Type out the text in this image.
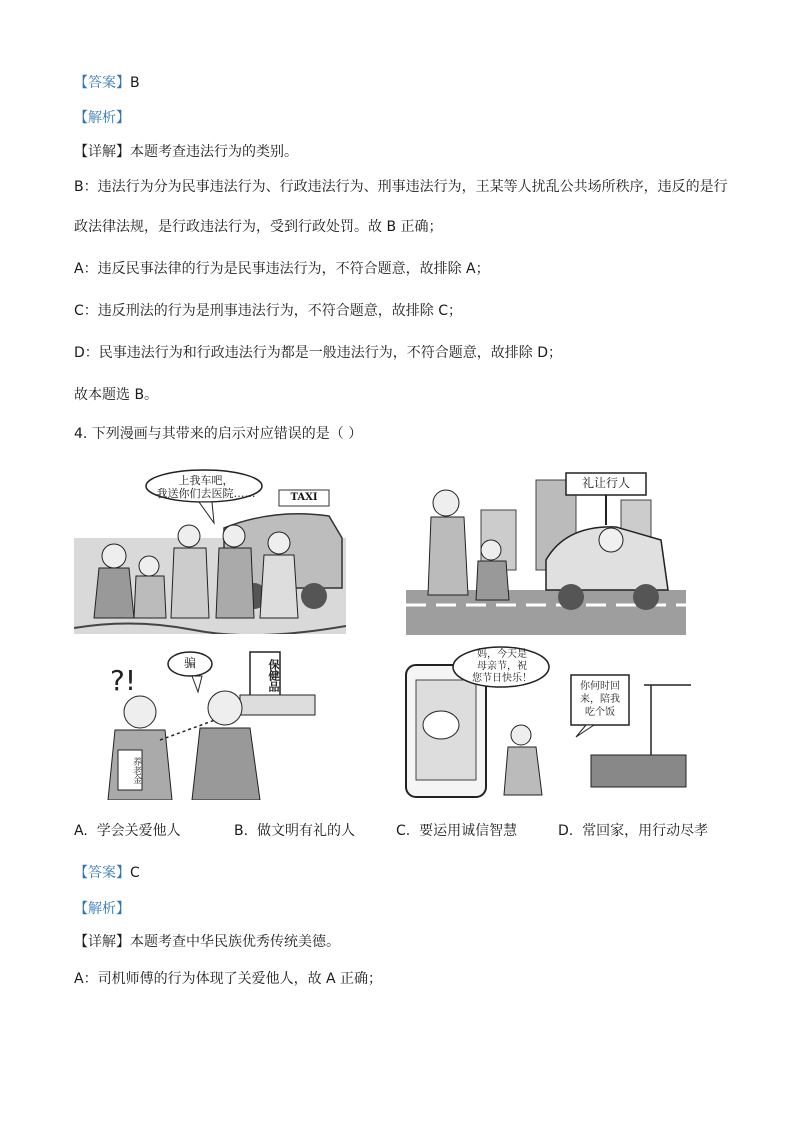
【答案】B
【解析】
【详解】本题考查违法行为的类别。
B：违法行为分为民事违法行为、行政违法行为、刑事违法行为，王某等人扰乱公共场所秩序，违反的是行
政法律法规，是行政违法行为，受到行政处罚。故 B 正确；
A：违反民事法律的行为是民事违法行为，不符合题意，故排除 A；
C：违反刑法的行为是刑事违法行为，不符合题意，故排除 C；
D：民事违法行为和行政违法行为都是一般违法行为，不符合题意，故排除 D；
故本题选 B。
4. 下列漫画与其带来的启示对应错误的是（ ）
上我车吧，
我送你们去医院……	TAXI
礼让行人
?!
骗	保健品
养老金
妈，今天是
母亲节，祝
您节日快乐！
你何时回
来，陪我
吃个饭
A. 学会关爱他人	B. 做文明有礼的人	C. 要运用诚信智慧	D. 常回家，用行动尽孝
【答案】C
【解析】
【详解】本题考查中华民族优秀传统美德。
A：司机师傅的行为体现了关爱他人，故 A 正确；
